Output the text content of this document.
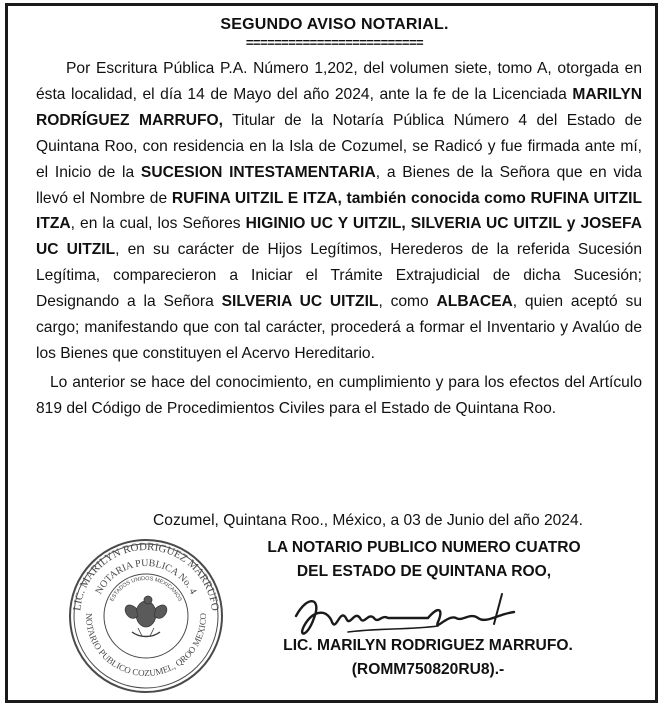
SEGUNDO AVISO NOTARIAL.
=========================

Por Escritura Pública P.A. Número 1,202, del volumen siete, tomo A, otorgada en ésta localidad, el día 14 de Mayo del año 2024, ante la fe de la Licenciada MARILYN RODRÍGUEZ MARRUFO, Titular de la Notaría Pública Número 4 del Estado de Quintana Roo, con residencia en la Isla de Cozumel, se Radicó y fue firmada ante mí, el Inicio de la SUCESION INTESTAMENTARIA, a Bienes de la Señora que en vida llevó el Nombre de RUFINA UITZIL E ITZA, también conocida como RUFINA UITZIL ITZA, en la cual, los Señores HIGINIO UC Y UITZIL, SILVERIA UC UITZIL y JOSEFA UC UITZIL, en su carácter de Hijos Legítimos, Herederos de la referida Sucesión Legítima, comparecieron a Iniciar el Trámite Extrajudicial de dicha Sucesión; Designando a la Señora SILVERIA UC UITZIL, como ALBACEA, quien aceptó su cargo; manifestando que con tal carácter, procederá a formar el Inventario y Avalúo de los Bienes que constituyen el Acervo Hereditario.

Lo anterior se hace del conocimiento, en cumplimiento y para los efectos del Artículo 819 del Código de Procedimientos Civiles para el Estado de Quintana Roo.

Cozumel, Quintana Roo., México, a 03 de Junio del año 2024.
LA NOTARIO PUBLICO NUMERO CUATRO
DEL ESTADO DE QUINTANA ROO,
LIC. MARILYN RODRIGUEZ MARRUFO.
(ROMM750820RU8).-
LIC. MARILYN RODRIGUEZ MARRUFO
NOTARIA PUBLICA No. 4
ESTADOS UNIDOS MEXICANOS
NOTARIO PUBLICO COZUMEL, QROO MEXICO
